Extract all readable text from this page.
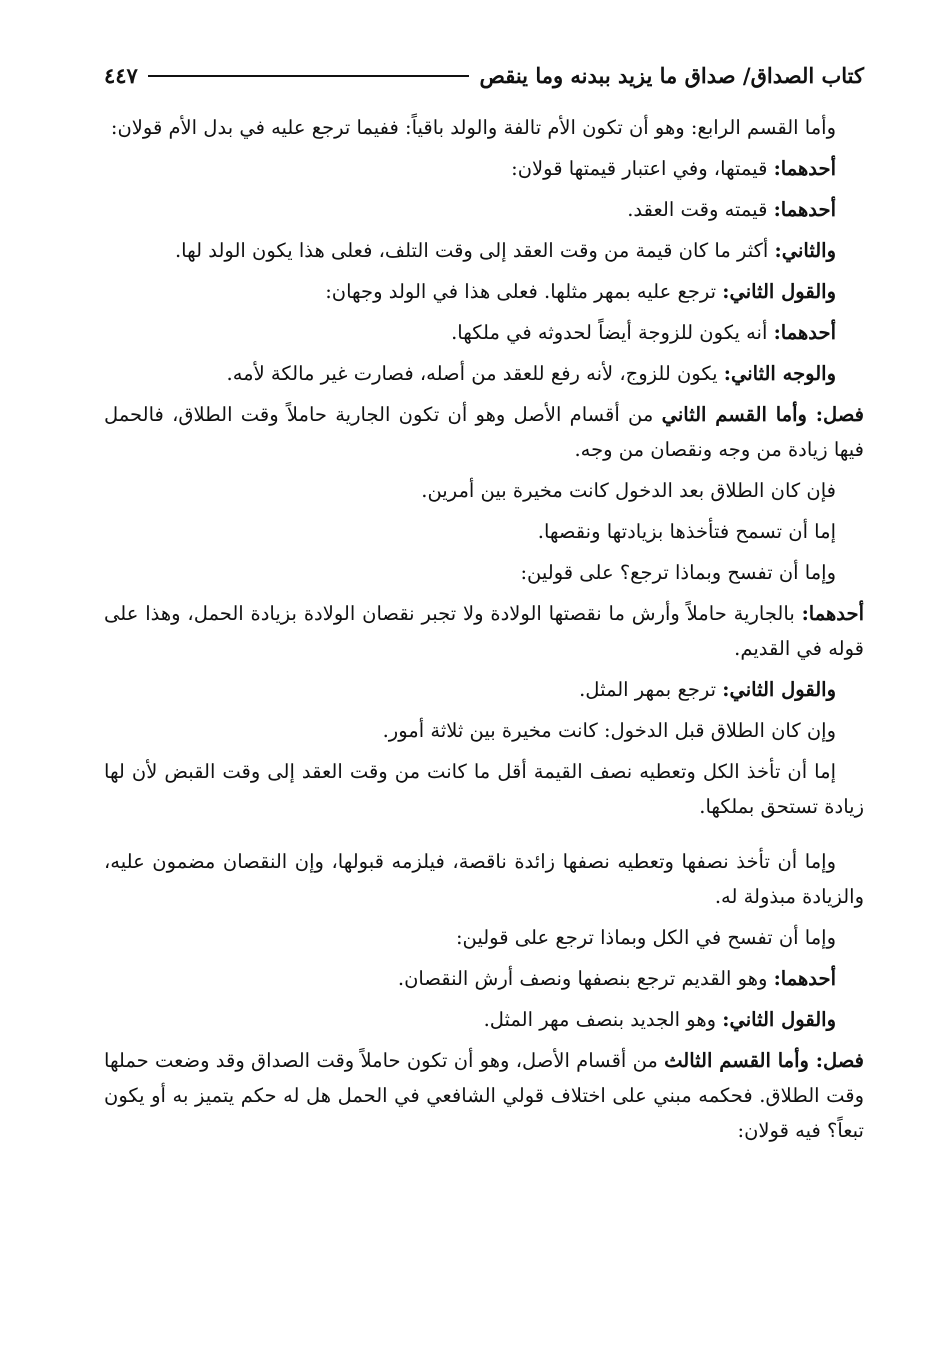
كتاب الصداق/ صداق ما يزيد ببدنه وما ينقص
٤٤٧

وأما القسم الرابع: وهو أن تكون الأم تالفة والولد باقياً: ففيما ترجع عليه في بدل الأم قولان:

أحدهما: قيمتها، وفي اعتبار قيمتها قولان:

أحدهما: قيمته وقت العقد.

والثاني: أكثر ما كان قيمة من وقت العقد إلى وقت التلف، فعلى هذا يكون الولد لها.

والقول الثاني: ترجع عليه بمهر مثلها. فعلى هذا في الولد وجهان:

أحدهما: أنه يكون للزوجة أيضاً لحدوثه في ملكها.

والوجه الثاني: يكون للزوج، لأنه رفع للعقد من أصله، فصارت غير مالكة لأمه.

فصل: وأما القسم الثاني من أقسام الأصل وهو أن تكون الجارية حاملاً وقت الطلاق، فالحمل فيها زيادة من وجه ونقصان من وجه.

فإن كان الطلاق بعد الدخول كانت مخيرة بين أمرين.

إما أن تسمح فتأخذها بزيادتها ونقصها.

وإما أن تفسح وبماذا ترجع؟ على قولين:

أحدهما: بالجارية حاملاً وأرش ما نقصتها الولادة ولا تجبر نقصان الولادة بزيادة الحمل، وهذا على قوله في القديم.

والقول الثاني: ترجع بمهر المثل.

وإن كان الطلاق قبل الدخول: كانت مخيرة بين ثلاثة أمور.

إما أن تأخذ الكل وتعطيه نصف القيمة أقل ما كانت من وقت العقد إلى وقت القبض لأن لها زيادة تستحق بملكها.

وإما أن تأخذ نصفها وتعطيه نصفها زائدة ناقصة، فيلزمه قبولها، وإن النقصان مضمون عليه، والزيادة مبذولة له.

وإما أن تفسح في الكل وبماذا ترجع على قولين:

أحدهما: وهو القديم ترجع بنصفها ونصف أرش النقصان.

والقول الثاني: وهو الجديد بنصف مهر المثل.

فصل: وأما القسم الثالث من أقسام الأصل، وهو أن تكون حاملاً وقت الصداق وقد وضعت حملها وقت الطلاق. فحكمه مبني على اختلاف قولي الشافعي في الحمل هل له حكم يتميز به أو يكون تبعاً؟ فيه قولان:
